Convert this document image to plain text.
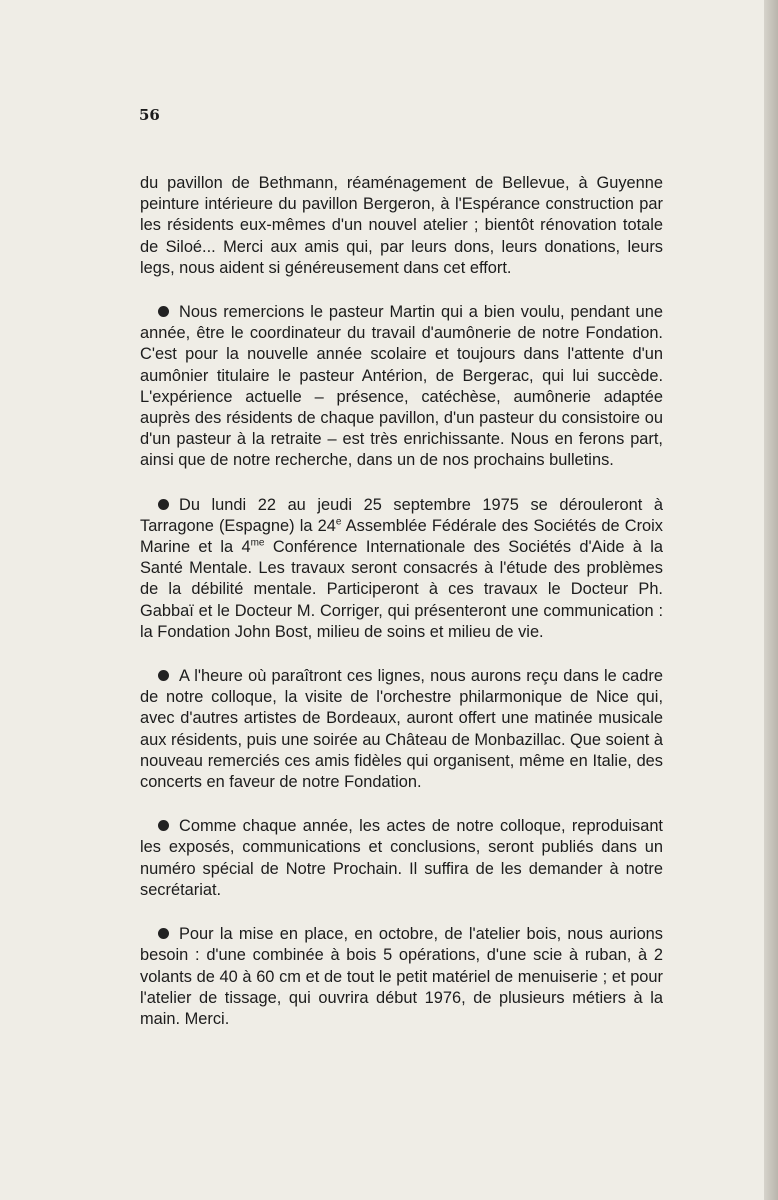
56

du pavillon de Bethmann, réaménagement de Bellevue, à Guyenne peinture intérieure du pavillon Bergeron, à l'Espérance construction par les résidents eux-mêmes d'un nouvel atelier ; bientôt rénovation totale de Siloé... Merci aux amis qui, par leurs dons, leurs donations, leurs legs, nous aident si généreusement dans cet effort.

Nous remercions le pasteur Martin qui a bien voulu, pendant une année, être le coordinateur du travail d'aumônerie de notre Fondation. C'est pour la nouvelle année scolaire et toujours dans l'attente d'un aumônier titulaire le pasteur Antérion, de Bergerac, qui lui succède. L'expérience actuelle – présence, catéchèse, aumônerie adaptée auprès des résidents de chaque pavillon, d'un pasteur du consistoire ou d'un pasteur à la retraite – est très enrichissante. Nous en ferons part, ainsi que de notre recherche, dans un de nos prochains bulletins.

Du lundi 22 au jeudi 25 septembre 1975 se dérouleront à Tarragone (Espagne) la 24e Assemblée Fédérale des Sociétés de Croix Marine et la $4^{me}$ Conférence Internationale des Sociétés d'Aide à la Santé Mentale. Les travaux seront consacrés à l'étude des problèmes de la débilité mentale. Participeront à ces travaux le Docteur Ph. Gabbaï et le Docteur M. Corriger, qui présenteront une communication : la Fondation John Bost, milieu de soins et milieu de vie.

A l'heure où paraîtront ces lignes, nous aurons reçu dans le cadre de notre colloque, la visite de l'orchestre philarmonique de Nice qui, avec d'autres artistes de Bordeaux, auront offert une matinée musicale aux résidents, puis une soirée au Château de Monbazillac. Que soient à nouveau remerciés ces amis fidèles qui organisent, même en Italie, des concerts en faveur de notre Fondation.

Comme chaque année, les actes de notre colloque, reproduisant les exposés, communications et conclusions, seront publiés dans un numéro spécial de Notre Prochain. Il suffira de les demander à notre secrétariat.

Pour la mise en place, en octobre, de l'atelier bois, nous aurions besoin : d'une combinée à bois 5 opérations, d'une scie à ruban, à 2 volants de 40 à 60 cm et de tout le petit matériel de menuiserie ; et pour l'atelier de tissage, qui ouvrira début 1976, de plusieurs métiers à la main. Merci.
